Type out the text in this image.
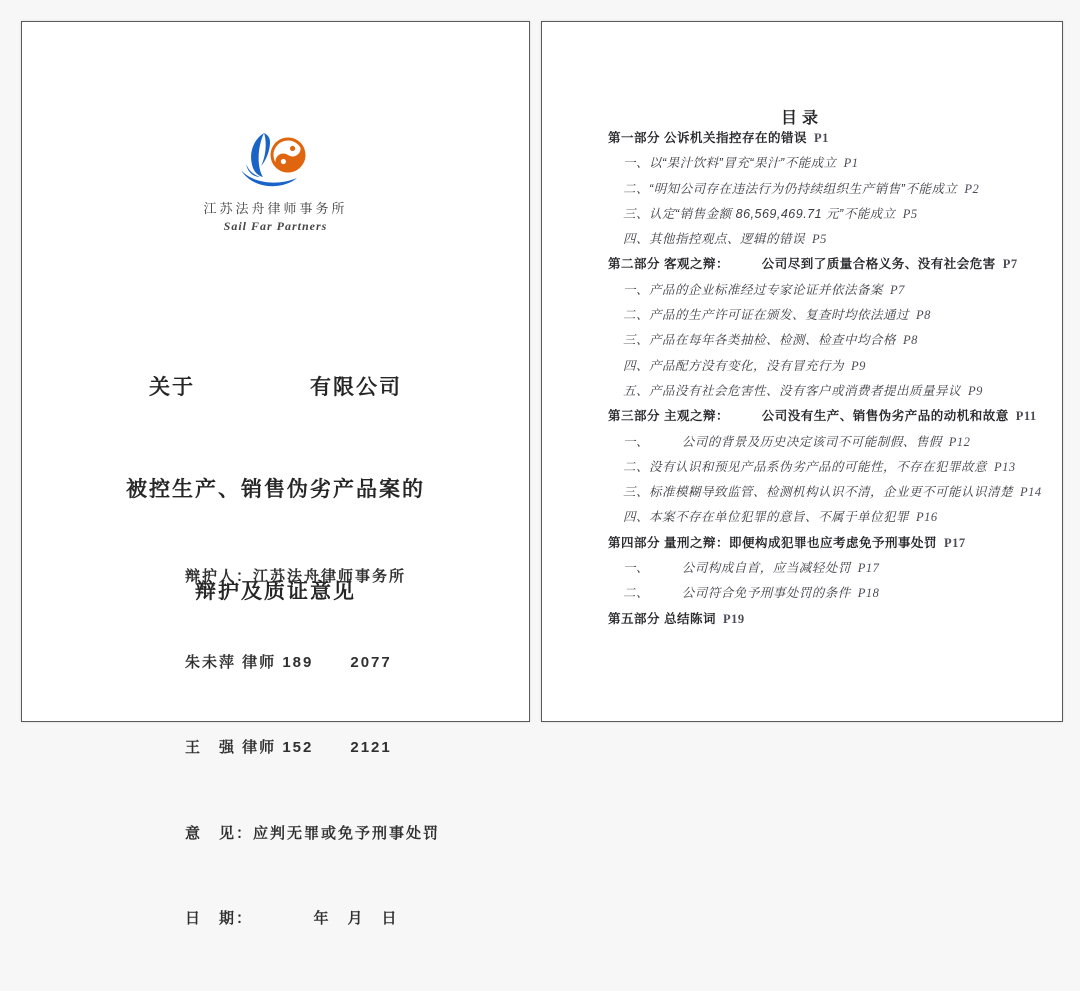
江苏法舟律师事务所
Sail Far Partners

关于　　　　　有限公司

被控生产、销售伪劣产品案的

辩护及质证意见

辩护人：江苏法舟律师事务所

朱未萍 律师 189      2077

王　强 律师 152      2121

意　见：应判无罪或免予刑事处罚

日　期：　　　　年　月　日

目录
第一部分 公诉机关指控存在的错误 P1
一、以“果汁饮料”冒充“果汁”不能成立 P1
二、“明知公司存在违法行为仍持续组织生产销售”不能成立 P2
三、认定“销售金额 86,569,469.71 元”不能成立 P5
四、其他指控观点、逻辑的错误 P5
第二部分 客观之辩：　　　公司尽到了质量合格义务、没有社会危害 P7
一、产品的企业标准经过专家论证并依法备案 P7
二、产品的生产许可证在颁发、复查时均依法通过 P8
三、产品在每年各类抽检、检测、检查中均合格 P8
四、产品配方没有变化，没有冒充行为 P9
五、产品没有社会危害性、没有客户或消费者提出质量异议 P9
第三部分 主观之辩：　　　公司没有生产、销售伪劣产品的动机和故意 P11
一、　　　公司的背景及历史决定该司不可能制假、售假 P12
二、没有认识和预见产品系伪劣产品的可能性，不存在犯罪故意 P13
三、标准模糊导致监管、检测机构认识不清，企业更不可能认识清楚 P14
四、本案不存在单位犯罪的意旨、不属于单位犯罪 P16
第四部分 量刑之辩：即便构成犯罪也应考虑免予刑事处罚 P17
一、　　　公司构成自首，应当减轻处罚 P17
二、　　　公司符合免予刑事处罚的条件 P18
第五部分 总结陈词 P19
